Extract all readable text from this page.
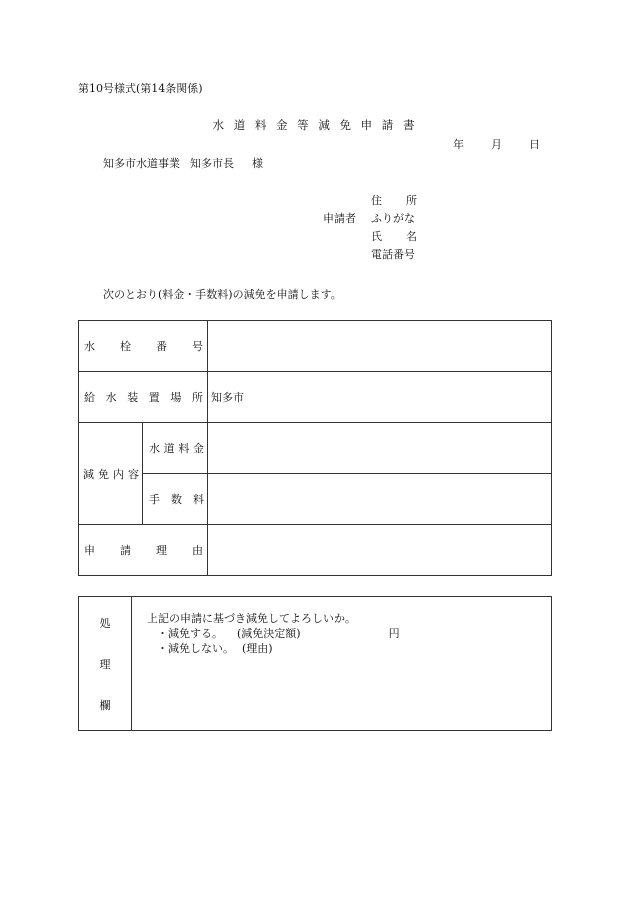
第10号様式(第14条関係)
水 道 料 金 等 減 免 申 請 書
年 月 日
知多市水道事業 知多市長 様
申請者
住所
ふりがな
氏名
電話番号
次のとおり(料金・手数料)の減免を申請します。
水栓番号		
給水装置場所		知多市
減免内容	水道料金	
	手数料	
申請理由		
処
理
欄
上記の申請に基づき減免してよろしいか。
・減免する。 (減免決定額)	円
・減免しない。 (理由)
